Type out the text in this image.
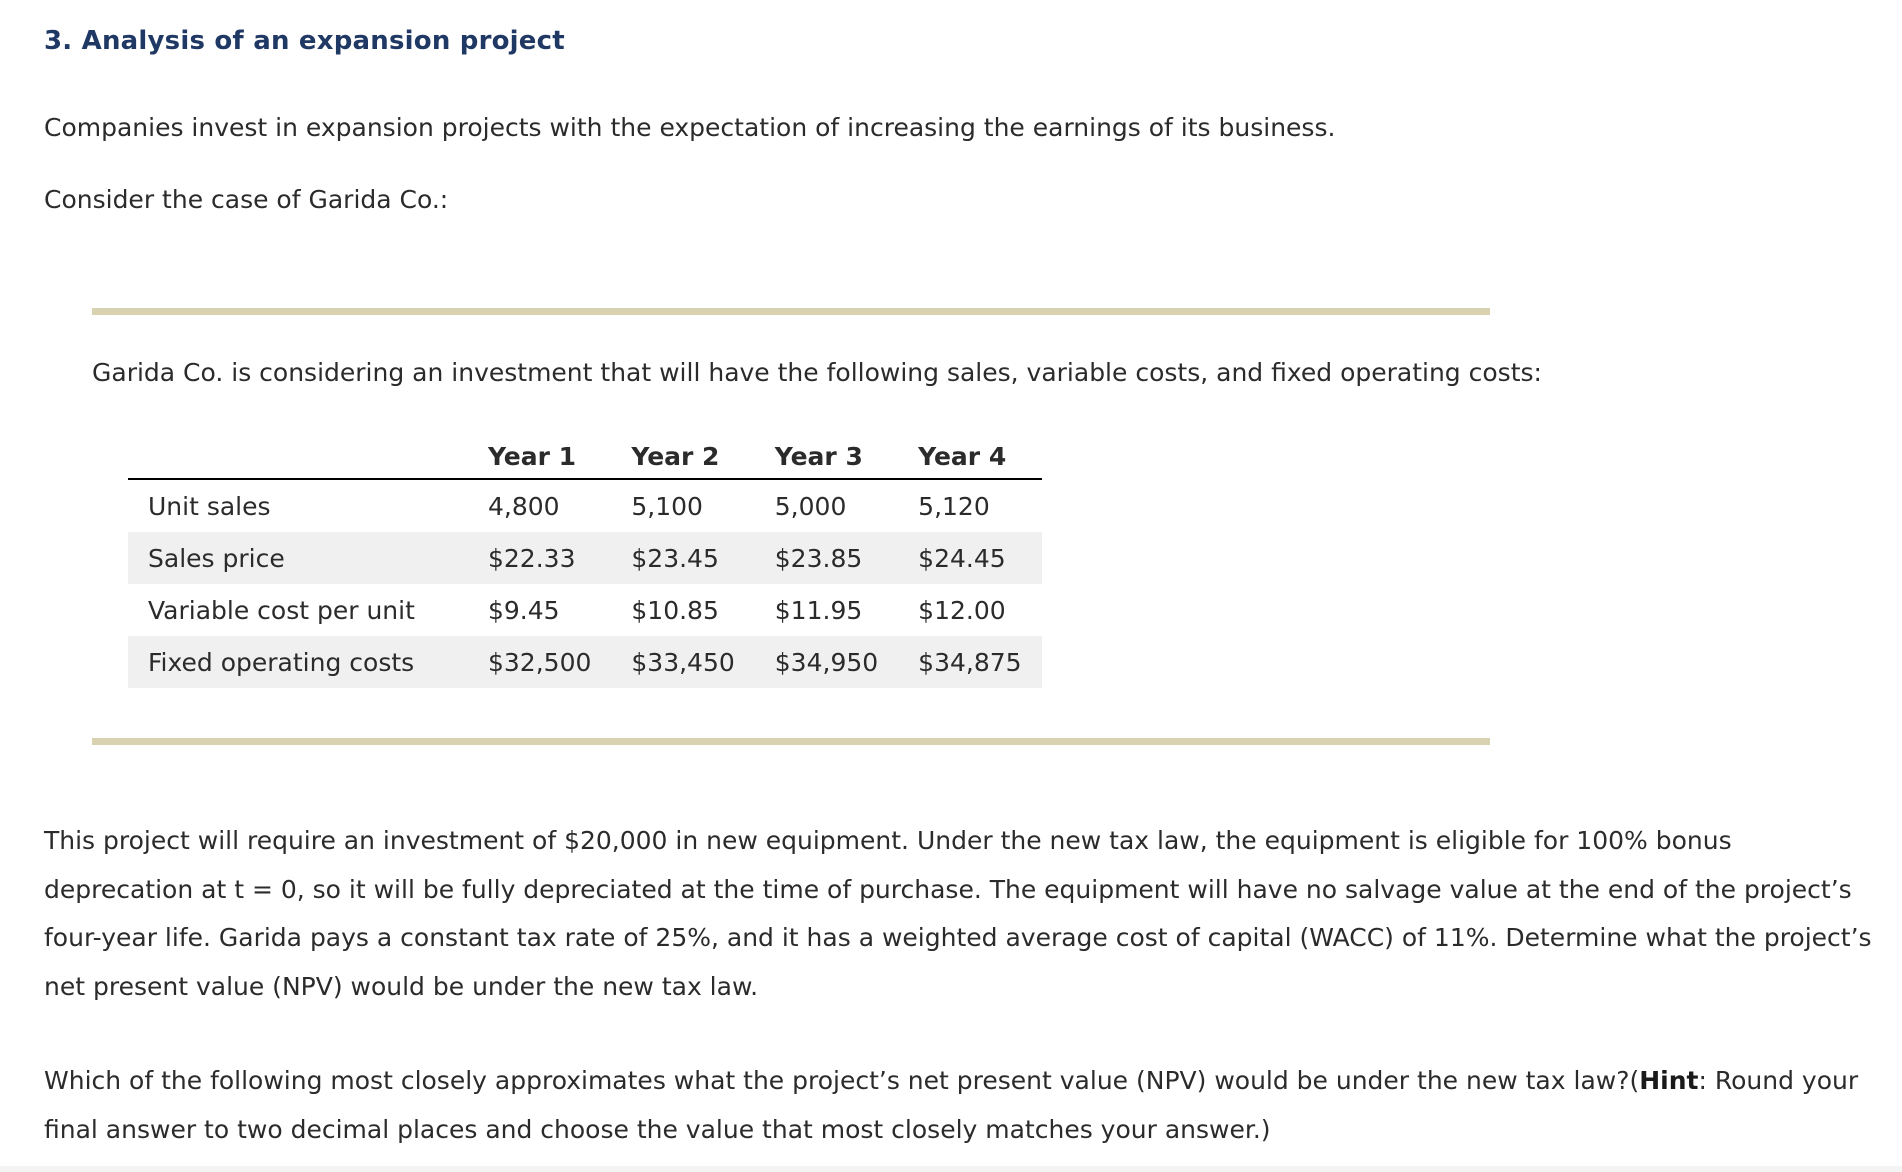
3. Analysis of an expansion project

Companies invest in expansion projects with the expectation of increasing the earnings of its business.

Consider the case of Garida Co.:

Garida Co. is considering an investment that will have the following sales, variable costs, and fixed operating costs:

	Year 1	Year 2	Year 3	Year 4
Unit sales	4,800	5,100	5,000	5,120
Sales price	$22.33	$23.45	$23.85	$24.45
Variable cost per unit	$9.45	$10.85	$11.95	$12.00
Fixed operating costs	$32,500	$33,450	$34,950	$34,875

This project will require an investment of $20,000 in new equipment. Under the new tax law, the equipment is eligible for 100% bonus deprecation at t = 0, so it will be fully depreciated at the time of purchase. The equipment will have no salvage value at the end of the project’s four-year life. Garida pays a constant tax rate of 25%, and it has a weighted average cost of capital (WACC) of 11%. Determine what the project’s net present value (NPV) would be under the new tax law.

Which of the following most closely approximates what the project’s net present value (NPV) would be under the new tax law?(Hint: Round your final answer to two decimal places and choose the value that most closely matches your answer.)
